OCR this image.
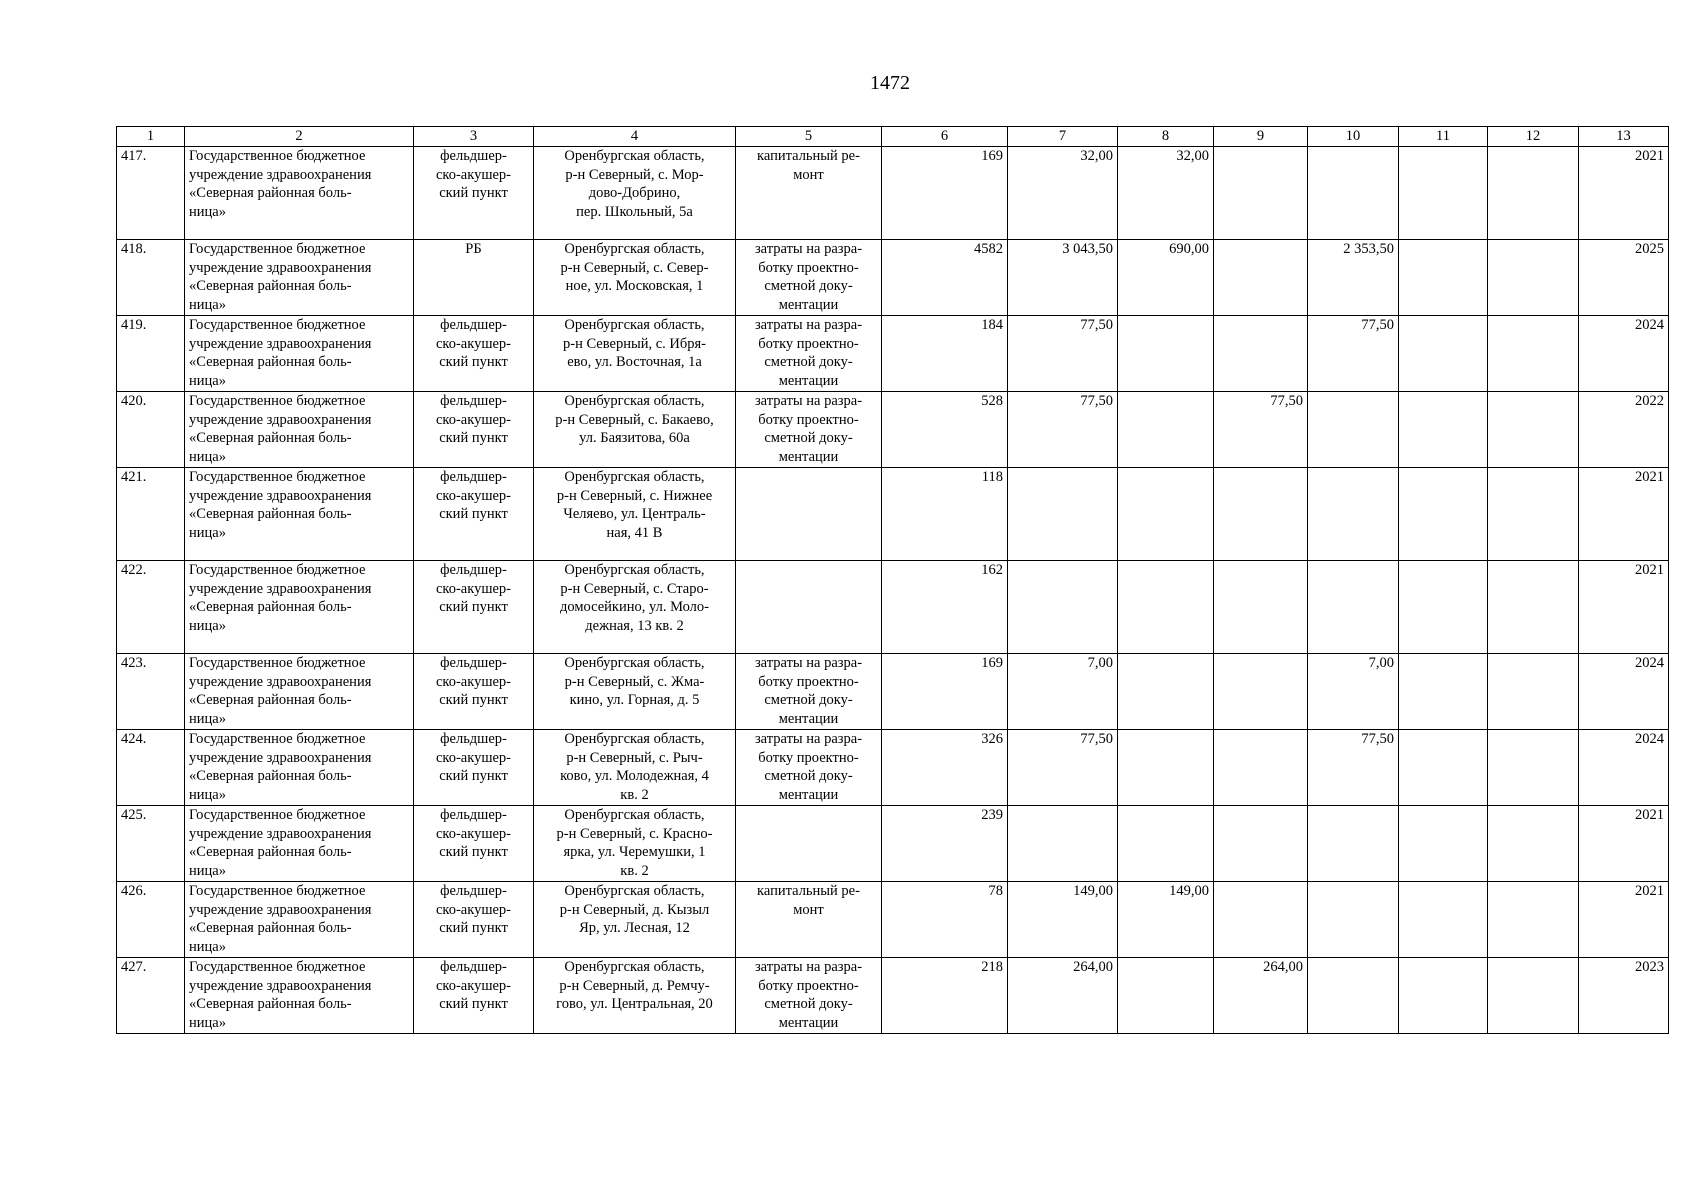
1472
1	2	3	4	5	6	7	8	9	10	11	12	13
417.	Государственное бюджетное
учреждение здравоохранения
«Северная районная боль-
ница»	фельдшер-
ско-акушер-
ский пункт	Оренбургская область,
р-н Северный, с. Мор-
дово-Добрино,
пер. Школьный, 5а	капитальный ре-
монт	169	32,00	32,00					2021
418.	Государственное бюджетное
учреждение здравоохранения
«Северная районная боль-
ница»	РБ	Оренбургская область,
р-н Северный, с. Север-
ное, ул. Московская, 1	затраты на разра-
ботку проектно-
сметной доку-
ментации	4582	3 043,50	690,00		2 353,50			2025
419.	Государственное бюджетное
учреждение здравоохранения
«Северная районная боль-
ница»	фельдшер-
ско-акушер-
ский пункт	Оренбургская область,
р-н Северный, с. Ибря-
ево, ул. Восточная, 1а	затраты на разра-
ботку проектно-
сметной доку-
ментации	184	77,50			77,50			2024
420.	Государственное бюджетное
учреждение здравоохранения
«Северная районная боль-
ница»	фельдшер-
ско-акушер-
ский пункт	Оренбургская область,
р-н Северный, с. Бакаево,
ул. Баязитова, 60а	затраты на разра-
ботку проектно-
сметной доку-
ментации	528	77,50		77,50				2022
421.	Государственное бюджетное
учреждение здравоохранения
«Северная районная боль-
ница»	фельдшер-
ско-акушер-
ский пункт	Оренбургская область,
р-н Северный, с. Нижнее
Челяево, ул. Централь-
ная, 41 В		118							2021
422.	Государственное бюджетное
учреждение здравоохранения
«Северная районная боль-
ница»	фельдшер-
ско-акушер-
ский пункт	Оренбургская область,
р-н Северный, с. Старо-
домосейкино, ул. Моло-
дежная, 13 кв. 2		162							2021
423.	Государственное бюджетное
учреждение здравоохранения
«Северная районная боль-
ница»	фельдшер-
ско-акушер-
ский пункт	Оренбургская область,
р-н Северный, с. Жма-
кино, ул. Горная, д. 5	затраты на разра-
ботку проектно-
сметной доку-
ментации	169	7,00			7,00			2024
424.	Государственное бюджетное
учреждение здравоохранения
«Северная районная боль-
ница»	фельдшер-
ско-акушер-
ский пункт	Оренбургская область,
р-н Северный, с. Рыч-
ково, ул. Молодежная, 4
кв. 2	затраты на разра-
ботку проектно-
сметной доку-
ментации	326	77,50			77,50			2024
425.	Государственное бюджетное
учреждение здравоохранения
«Северная районная боль-
ница»	фельдшер-
ско-акушер-
ский пункт	Оренбургская область,
р-н Северный, с. Красно-
ярка, ул. Черемушки, 1
кв. 2		239							2021
426.	Государственное бюджетное
учреждение здравоохранения
«Северная районная боль-
ница»	фельдшер-
ско-акушер-
ский пункт	Оренбургская область,
р-н Северный, д. Кызыл
Яр, ул. Лесная, 12	капитальный ре-
монт	78	149,00	149,00					2021
427.	Государственное бюджетное
учреждение здравоохранения
«Северная районная боль-
ница»	фельдшер-
ско-акушер-
ский пункт	Оренбургская область,
р-н Северный, д. Ремчу-
гово, ул. Центральная, 20	затраты на разра-
ботку проектно-
сметной доку-
ментации	218	264,00		264,00				2023
